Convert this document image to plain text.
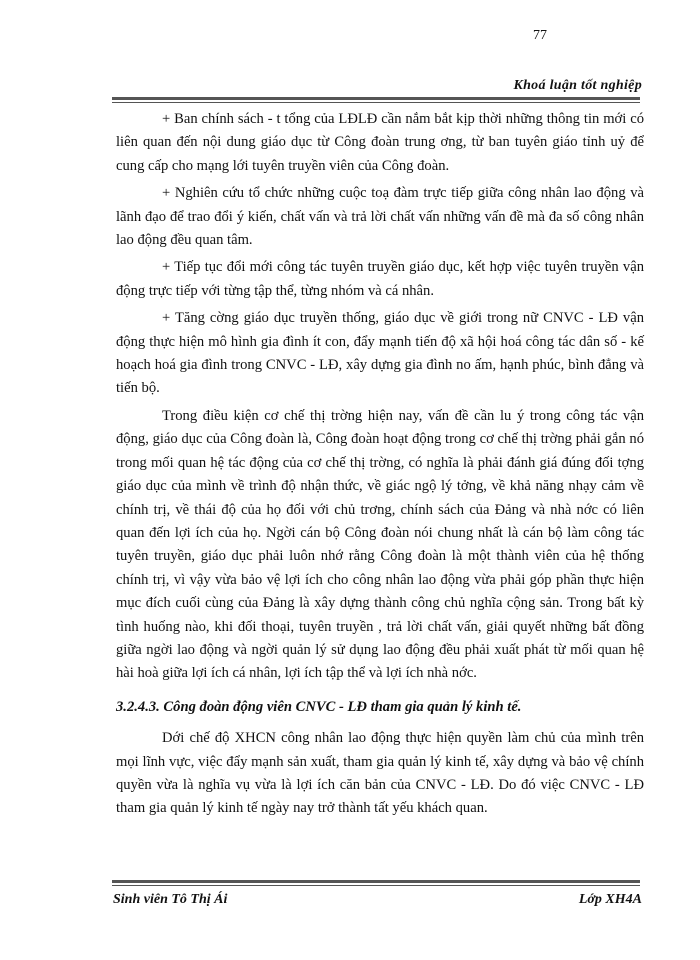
77
Khoá luận tốt nghiệp

+ Ban chính sách - t tổng của LĐLĐ cần nắm bắt kịp thời những thông tin mới có liên quan đến nội dung giáo dục từ Công đoàn trung ơng, từ ban tuyên giáo tỉnh uỷ để cung cấp cho mạng lới tuyên truyền viên của Công đoàn.

+ Nghiên cứu tổ chức những cuộc toạ đàm trực tiếp giữa công nhân lao động và lãnh đạo để trao đổi ý kiến, chất vấn và trả lời chất vấn những vấn đề mà đa số công nhân lao động đều quan tâm.

+ Tiếp tục đổi mới công tác tuyên truyền giáo dục, kết hợp việc tuyên truyền vận động trực tiếp với từng tập thể, từng nhóm và cá nhân.

+ Tăng cờng giáo dục truyền thống, giáo dục về giới trong nữ CNVC - LĐ vận động thực hiện mô hình gia đình ít con, đẩy mạnh tiến độ xã hội hoá công tác dân số - kế hoạch hoá gia đình trong CNVC - LĐ, xây dựng gia đình no ấm, hạnh phúc, bình đẳng và tiến bộ.

Trong điều kiện cơ chế thị trờng hiện nay, vấn đề cần lu ý trong công tác vận động, giáo dục của Công đoàn là, Công đoàn hoạt động trong cơ chế thị trờng phải gắn nó trong mối quan hệ tác động của cơ chế thị trờng, có nghĩa là phải đánh giá đúng đối tợng giáo dục của mình về trình độ nhận thức, về giác ngộ lý tởng, về khả năng nhạy cảm về chính trị, về thái độ của họ đối với chủ trơng, chính sách của Đảng và nhà nớc có liên quan đến lợi ích của họ. Ngời cán bộ Công đoàn nói chung nhất là cán bộ làm công tác tuyên truyền, giáo dục phải luôn nhớ rằng Công đoàn là một thành viên của hệ thống chính trị, vì vậy vừa bảo vệ lợi ích cho công nhân lao động vừa phải góp phần thực hiện mục đích cuối cùng của Đảng là xây dựng thành công chủ nghĩa cộng sản. Trong bất kỳ tình huống nào, khi đối thoại, tuyên truyền , trả lời chất vấn, giải quyết những bất đồng giữa ngời lao động và ngời quản lý sử dụng lao động đều phải xuất phát từ mối quan hệ hài hoà giữa lợi ích cá nhân, lợi ích tập thể và lợi ích nhà nớc.

3.2.4.3. Công đoàn động viên CNVC - LĐ tham gia quản lý kinh tế.

Dới chế độ XHCN công nhân lao động thực hiện quyền làm chủ của mình trên mọi lĩnh vực, việc đẩy mạnh sản xuất, tham gia quản lý kinh tế, xây dựng và bảo vệ chính quyền vừa là nghĩa vụ vừa là lợi ích căn bản của CNVC - LĐ. Do đó việc CNVC - LĐ tham gia quản lý kinh tế ngày nay trở thành tất yếu khách quan.

Sinh viên Tô Thị Ái	Lớp XH4A
